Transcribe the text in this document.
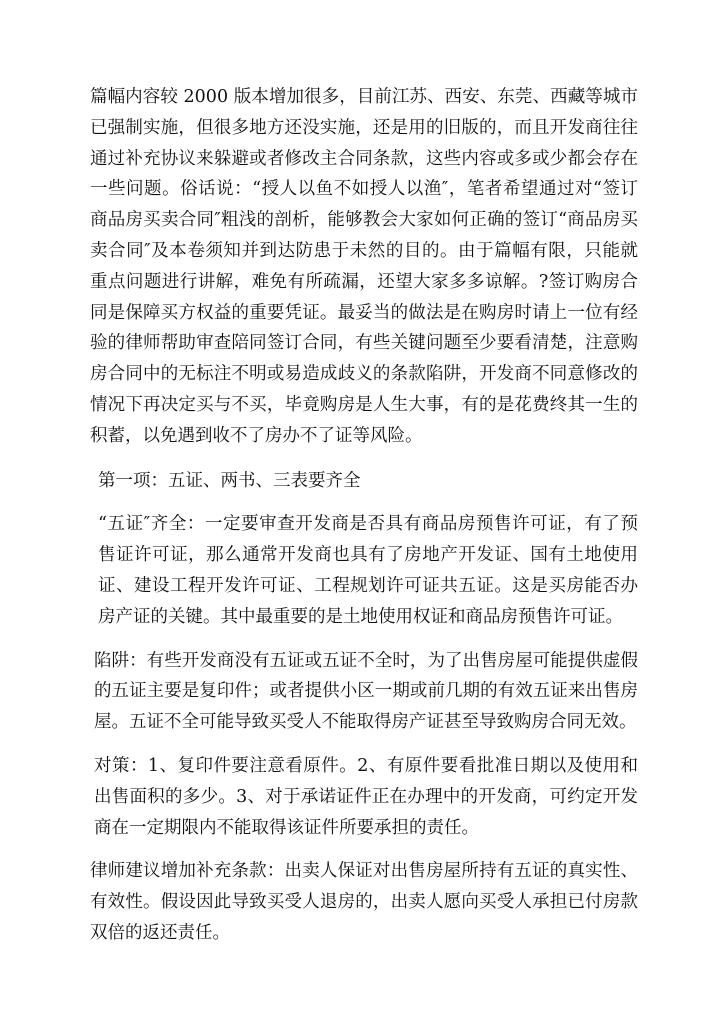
篇幅内容较 2000 版本增加很多，目前江苏、西安、东莞、西藏等城市已强制实施，但很多地方还没实施，还是用的旧版的，而且开发商往往通过补充协议来躲避或者修改主合同条款，这些内容或多或少都会存在一些问题。俗话说：“授人以鱼不如授人以渔″，笔者希望通过对“签订商品房买卖合同″粗浅的剖析，能够教会大家如何正确的签订“商品房买卖合同″及本卷须知并到达防患于未然的目的。由于篇幅有限，只能就重点问题进行讲解，难免有所疏漏，还望大家多多谅解。?签订购房合同是保障买方权益的重要凭证。最妥当的做法是在购房时请上一位有经验的律师帮助审查陪同签订合同，有些关键问题至少要看清楚，注意购房合同中的无标注不明或易造成歧义的条款陷阱，开发商不同意修改的情况下再决定买与不买，毕竟购房是人生大事，有的是花费终其一生的积蓄，以免遇到收不了房办不了证等风险。

第一项：五证、两书、三表要齐全

“五证″齐全：一定要审查开发商是否具有商品房预售许可证，有了预售证许可证，那么通常开发商也具有了房地产开发证、国有土地使用证、建设工程开发许可证、工程规划许可证共五证。这是买房能否办房产证的关键。其中最重要的是土地使用权证和商品房预售许可证。

陷阱：有些开发商没有五证或五证不全时，为了出售房屋可能提供虚假的五证主要是复印件；或者提供小区一期或前几期的有效五证来出售房屋。五证不全可能导致买受人不能取得房产证甚至导致购房合同无效。

对策：1、复印件要注意看原件。2、有原件要看批准日期以及使用和出售面积的多少。3、对于承诺证件正在办理中的开发商，可约定开发商在一定期限内不能取得该证件所要承担的责任。

律师建议增加补充条款：出卖人保证对出售房屋所持有五证的真实性、有效性。假设因此导致买受人退房的，出卖人愿向买受人承担已付房款双倍的返还责任。
